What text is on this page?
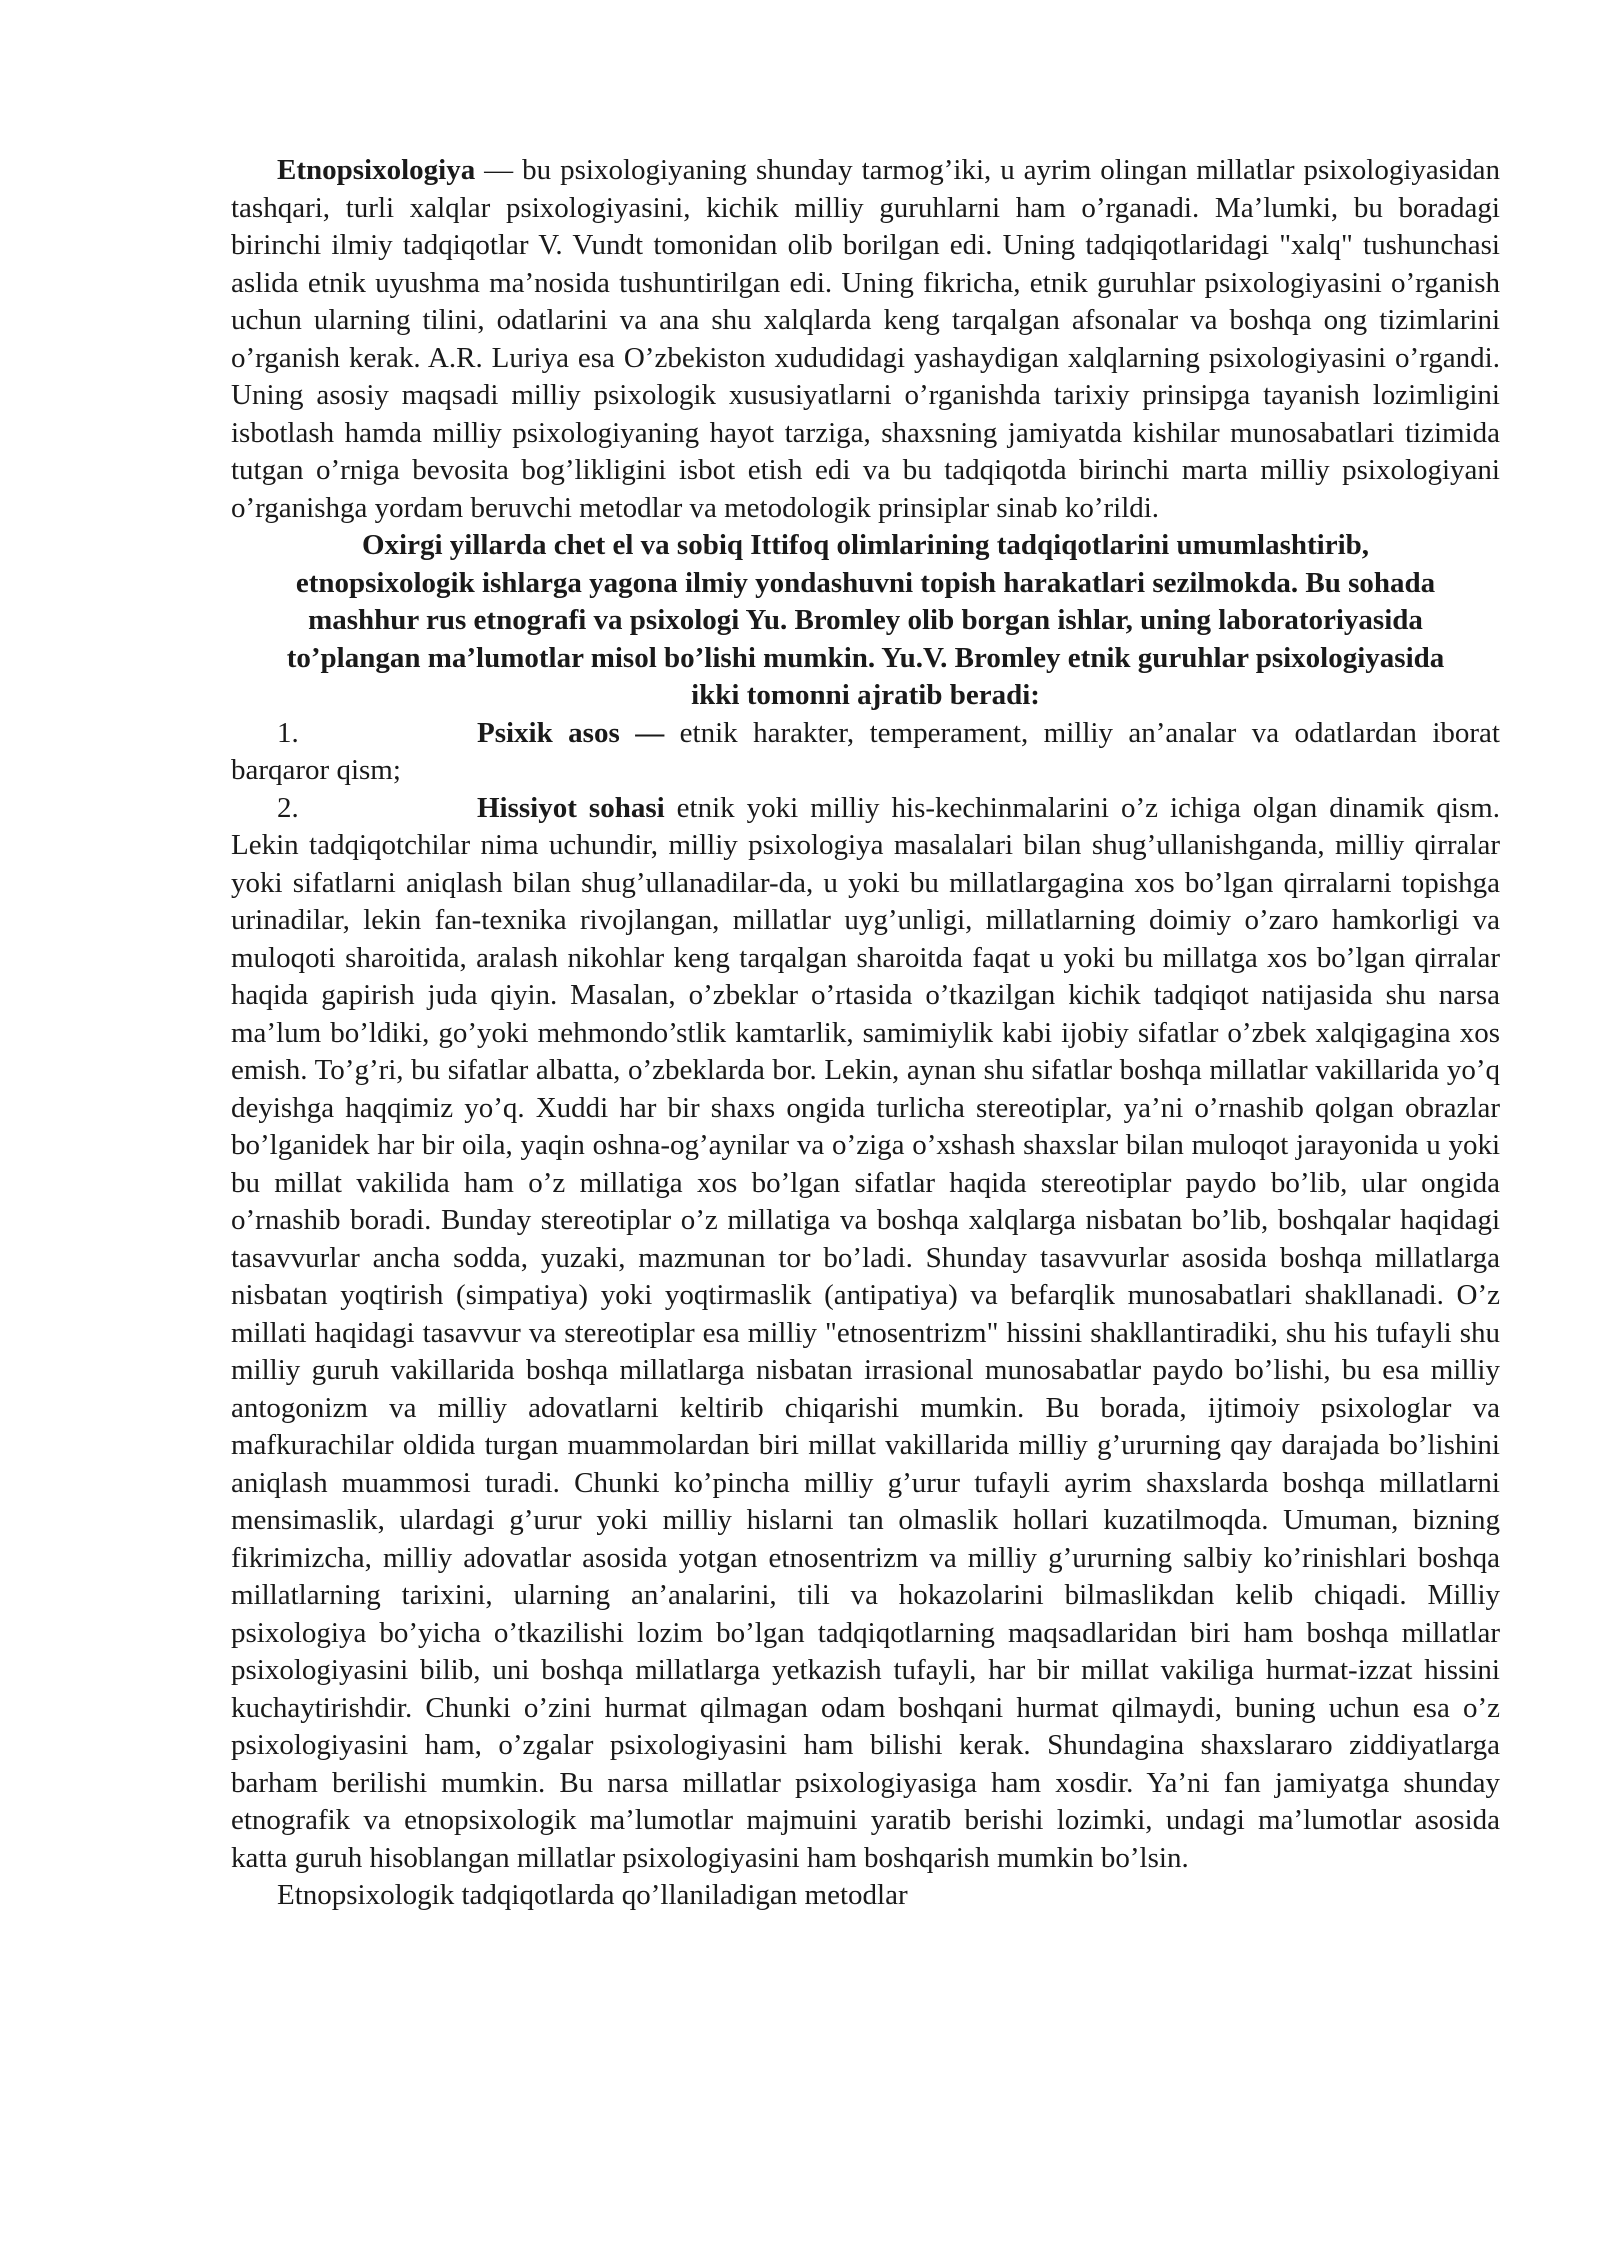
Etnopsixologiya — bu psixologiyaning shunday tarmog’iki, u ayrim olingan millatlar psixologiyasidan tashqari, turli xalqlar psixologiyasini, kichik milliy guruhlarni ham o’rganadi. Ma’lumki, bu boradagi birinchi ilmiy tadqiqotlar V. Vundt tomonidan olib borilgan edi. Uning tadqiqotlaridagi "xalq" tushunchasi aslida etnik uyushma ma’nosida tushuntirilgan edi. Uning fikricha, etnik guruhlar psixologiyasini o’rganish uchun ularning tilini, odatlarini va ana shu xalqlarda keng tarqalgan afsonalar va boshqa ong tizimlarini o’rganish kerak. A.R. Luriya esa O’zbekiston xududidagi yashaydigan xalqlarning psixologiyasini o’rgandi. Uning asosiy maqsadi milliy psixologik xususiyatlarni o’rganishda tarixiy prinsipga tayanish lozimligini isbotlash hamda milliy psixologiyaning hayot tarziga, shaxsning jamiyatda kishilar munosabatlari tizimida tutgan o’rniga bevosita bog’likligini isbot etish edi va bu tadqiqotda birinchi marta milliy psixologiyani o’rganishga yordam beruvchi metodlar va metodologik prinsiplar sinab ko’rildi.

Oxirgi yillarda chet el va sobiq Ittifoq olimlarining tadqiqotlarini umumlashtirib, etnopsixologik ishlarga yagona ilmiy yondashuvni topish harakatlari sezilmokda. Bu sohada mashhur rus etnografi va psixologi Yu. Bromley olib borgan ishlar, uning laboratoriyasida to’plangan ma’lumotlar misol bo’lishi mumkin. Yu.V. Bromley etnik guruhlar psixologiyasida ikki tomonni ajratib beradi:

1.	Psixik asos — etnik harakter, temperament, milliy an’analar va odatlardan iborat barqaror qism;

2.	Hissiyot sohasi etnik yoki milliy his-kechinmalarini o’z ichiga olgan dinamik qism. Lekin tadqiqotchilar nima uchundir, milliy psixologiya masalalari bilan shug’ullanishganda, milliy qirralar yoki sifatlarni aniqlash bilan shug’ullanadilar-da, u yoki bu millatlargagina xos bo’lgan qirralarni topishga urinadilar, lekin fan-texnika rivojlangan, millatlar uyg’unligi, millatlarning doimiy o’zaro hamkorligi va muloqoti sharoitida, aralash nikohlar keng tarqalgan sharoitda faqat u yoki bu millatga xos bo’lgan qirralar haqida gapirish juda qiyin. Masalan, o’zbeklar o’rtasida o’tkazilgan kichik tadqiqot natijasida shu narsa ma’lum bo’ldiki, go’yoki mehmondo’stlik kamtarlik, samimiylik kabi ijobiy sifatlar o’zbek xalqigagina xos emish. To’g’ri, bu sifatlar albatta, o’zbeklarda bor. Lekin, aynan shu sifatlar boshqa millatlar vakillarida yo’q deyishga haqqimiz yo’q. Xuddi har bir shaxs ongida turlicha stereotiplar, ya’ni o’rnashib qolgan obrazlar bo’lganidek har bir oila, yaqin oshna-og’aynilar va o’ziga o’xshash shaxslar bilan muloqot jarayonida u yoki bu millat vakilida ham o’z millatiga xos bo’lgan sifatlar haqida stereotiplar paydo bo’lib, ular ongida o’rnashib boradi. Bunday stereotiplar o’z millatiga va boshqa xalqlarga nisbatan bo’lib, boshqalar haqidagi tasavvurlar ancha sodda, yuzaki, mazmunan tor bo’ladi. Shunday tasavvurlar asosida boshqa millatlarga nisbatan yoqtirish (simpatiya) yoki yoqtirmaslik (antipatiya) va befarqlik munosabatlari shakllanadi. O’z millati haqidagi tasavvur va stereotiplar esa milliy "etnosentrizm" hissini shakllantiradiki, shu his tufayli shu milliy guruh vakillarida boshqa millatlarga nisbatan irrasional munosabatlar paydo bo’lishi, bu esa milliy antogonizm va milliy adovatlarni keltirib chiqarishi mumkin. Bu borada, ijtimoiy psixologlar va mafkurachilar oldida turgan muammolardan biri millat vakillarida milliy g’ururning qay darajada bo’lishini aniqlash muammosi turadi. Chunki ko’pincha milliy g’urur tufayli ayrim shaxslarda boshqa millatlarni mensimaslik, ulardagi g’urur yoki milliy hislarni tan olmaslik hollari kuzatilmoqda. Umuman, bizning fikrimizcha, milliy adovatlar asosida yotgan etnosentrizm va milliy g’ururning salbiy ko’rinishlari boshqa millatlarning tarixini, ularning an’analarini, tili va hokazolarini bilmaslikdan kelib chiqadi. Milliy psixologiya bo’yicha o’tkazilishi lozim bo’lgan tadqiqotlarning maqsadlaridan biri ham boshqa millatlar psixologiyasini bilib, uni boshqa millatlarga yetkazish tufayli, har bir millat vakiliga hurmat-izzat hissini kuchaytirishdir. Chunki o’zini hurmat qilmagan odam boshqani hurmat qilmaydi, buning uchun esa o’z psixologiyasini ham, o’zgalar psixologiyasini ham bilishi kerak. Shundagina shaxslararo ziddiyatlarga barham berilishi mumkin. Bu narsa millatlar psixologiyasiga ham xosdir. Ya’ni fan jamiyatga shunday etnografik va etnopsixologik ma’lumotlar majmuini yaratib berishi lozimki, undagi ma’lumotlar asosida katta guruh hisoblangan millatlar psixologiyasini ham boshqarish mumkin bo’lsin.

Etnopsixologik tadqiqotlarda qo’llaniladigan metodlar
